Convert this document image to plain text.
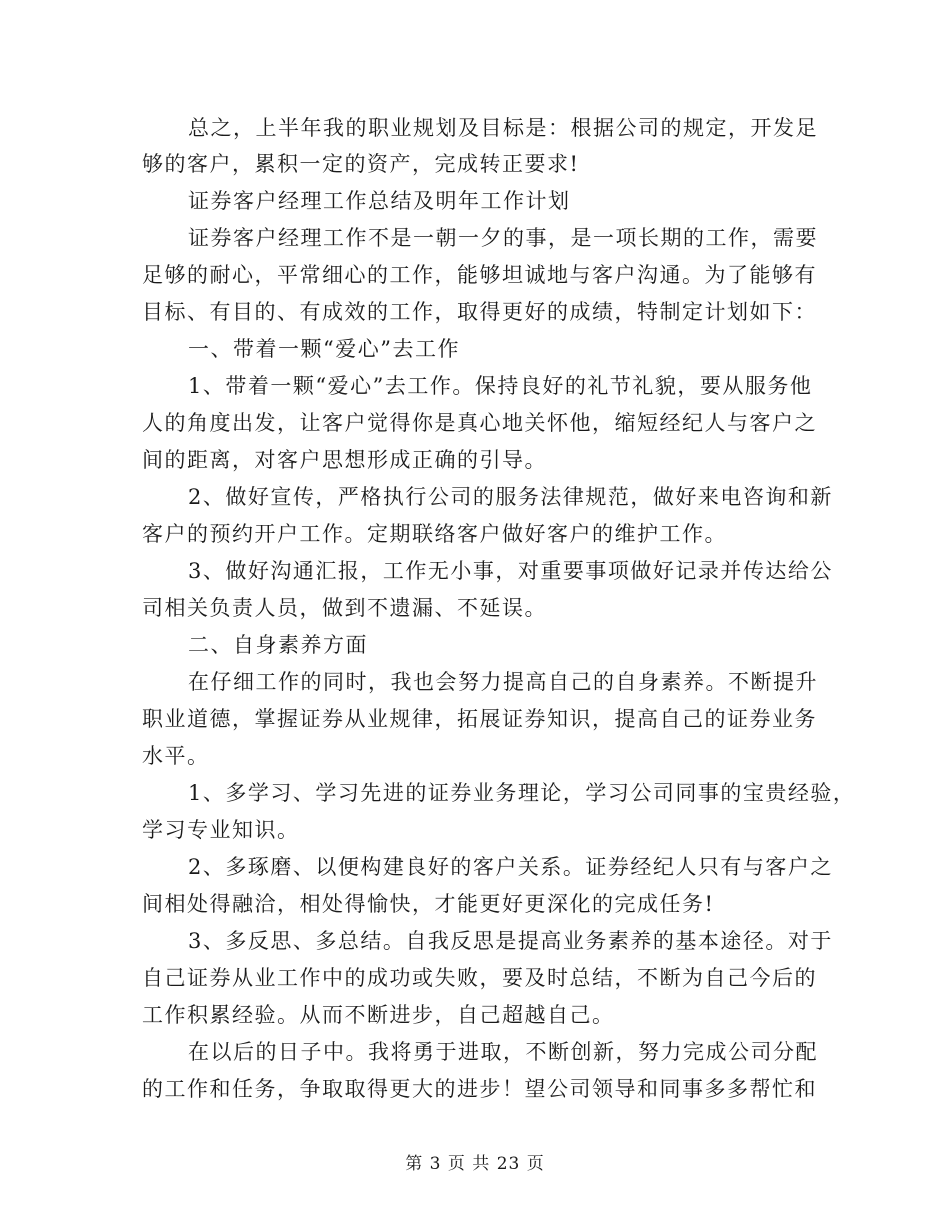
总之，上半年我的职业规划及目标是：根据公司的规定，开发足
够的客户，累积一定的资产，完成转正要求!
证券客户经理工作总结及明年工作计划
证券客户经理工作不是一朝一夕的事，是一项长期的工作，需要
足够的耐心，平常细心的工作，能够坦诚地与客户沟通。为了能够有
目标、有目的、有成效的工作，取得更好的成绩，特制定计划如下：
一、带着一颗“爱心”去工作
1、带着一颗“爱心”去工作。保持良好的礼节礼貌，要从服务他
人的角度出发，让客户觉得你是真心地关怀他，缩短经纪人与客户之
间的距离，对客户思想形成正确的引导。
2、做好宣传，严格执行公司的服务法律规范，做好来电咨询和新
客户的预约开户工作。定期联络客户做好客户的维护工作。
3、做好沟通汇报，工作无小事，对重要事项做好记录并传达给公
司相关负责人员，做到不遗漏、不延误。
二、自身素养方面
在仔细工作的同时，我也会努力提高自己的自身素养。不断提升
职业道德，掌握证券从业规律，拓展证券知识，提高自己的证券业务
水平。
1、多学习、学习先进的证券业务理论，学习公司同事的宝贵经验，
学习专业知识。
2、多琢磨、以便构建良好的客户关系。证券经纪人只有与客户之
间相处得融洽，相处得愉快，才能更好更深化的完成任务!
3、多反思、多总结。自我反思是提高业务素养的基本途径。对于
自己证券从业工作中的成功或失败，要及时总结，不断为自己今后的
工作积累经验。从而不断进步，自己超越自己。
在以后的日子中。我将勇于进取，不断创新，努力完成公司分配
的工作和任务，争取取得更大的进步！望公司领导和同事多多帮忙和
第 3 页 共 23 页
